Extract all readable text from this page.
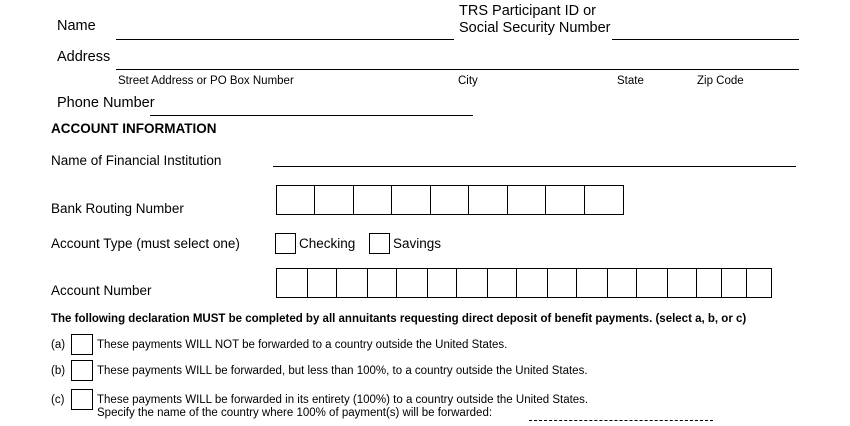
Name
TRS Participant ID or
Social Security Number
Address
Street Address or PO Box Number	City	State	Zip Code
Phone Number
ACCOUNT INFORMATION
Name of Financial Institution
Bank Routing Number
Account Type (must select one)	Checking	Savings
Account Number
The following declaration MUST be completed by all annuitants requesting direct deposit of benefit payments. (select a, b, or c)
(a)	These payments WILL NOT be forwarded to a country outside the United States.
(b)	These payments WILL be forwarded, but less than 100%, to a country outside the United States.
(c)	These payments WILL be forwarded in its entirety (100%) to a country outside the United States.
Specify the name of the country where 100% of payment(s) will be forwarded:
